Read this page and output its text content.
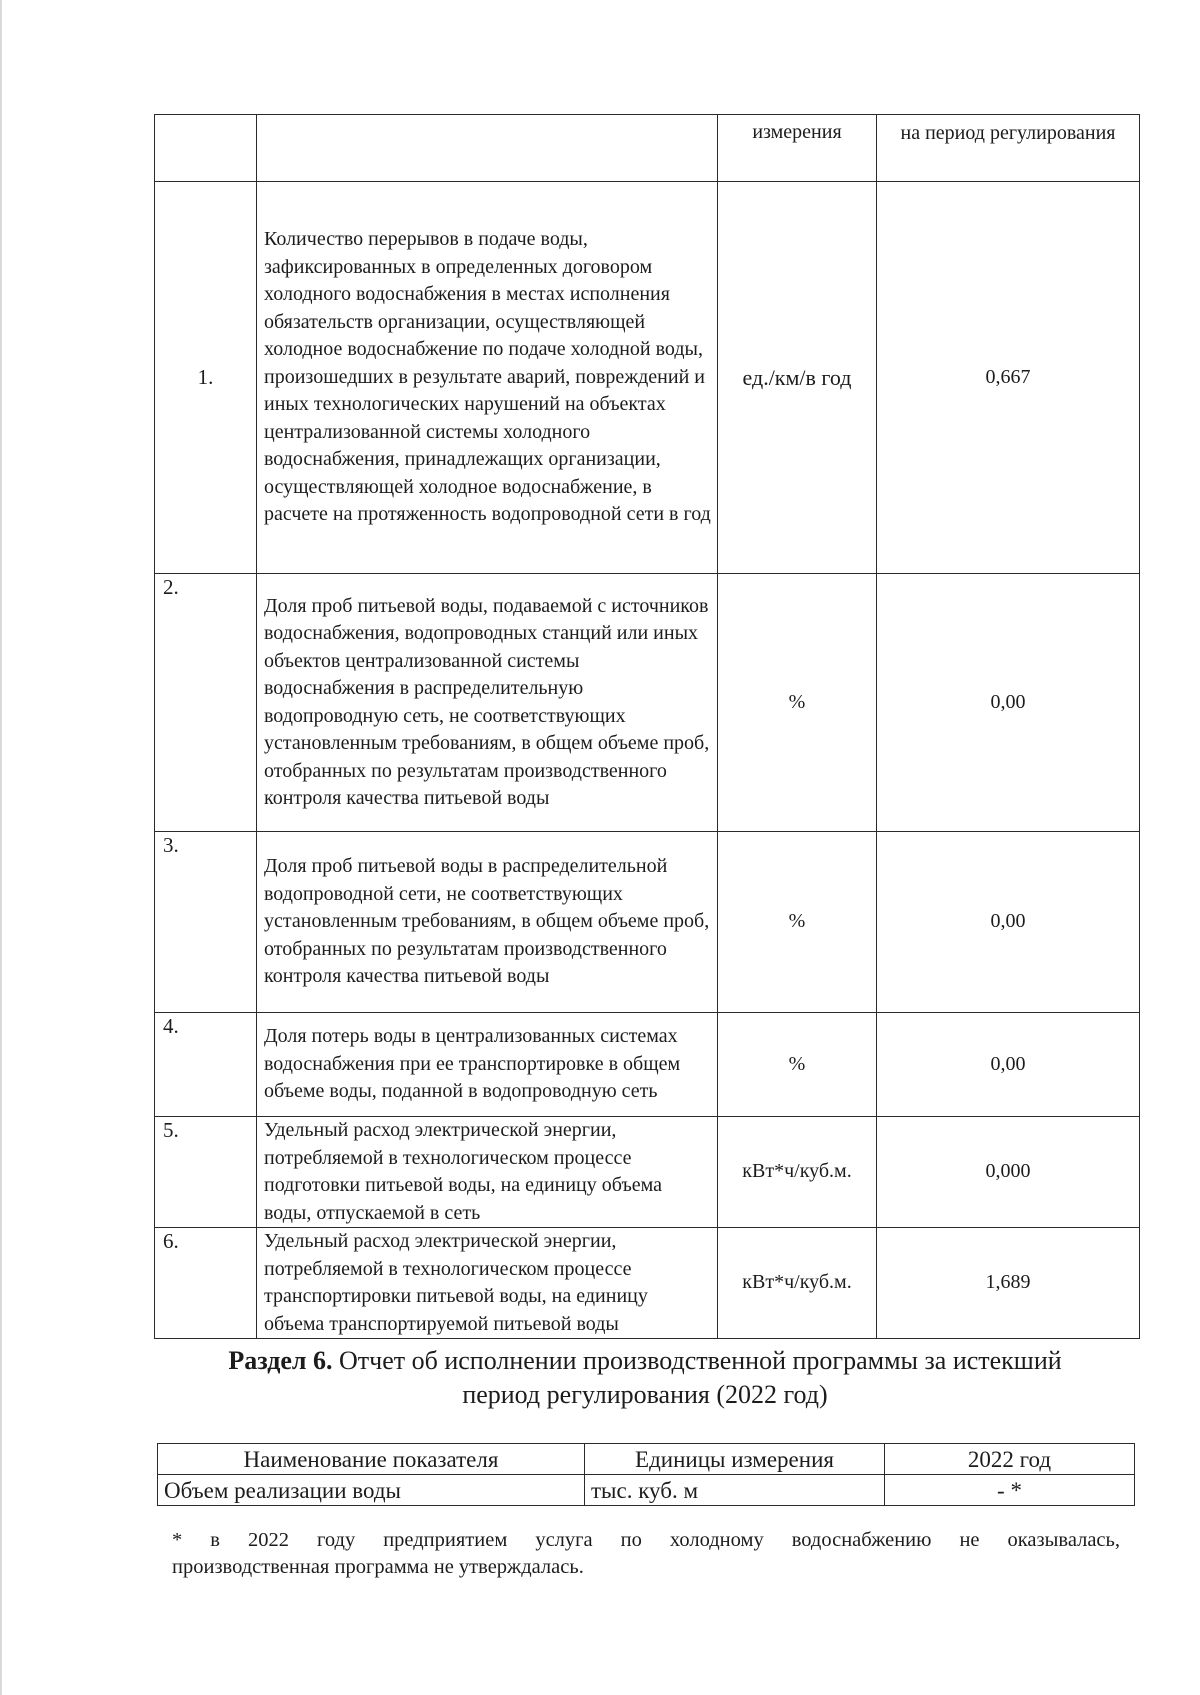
		измерения	на период регулирования
1.	Количество перерывов в подаче воды, зафиксированных в определенных договором холодного водоснабжения в местах исполнения обязательств организации, осуществляющей холодное водоснабжение по подаче холодной воды, произошедших в результате аварий, повреждений и иных технологических нарушений на объектах централизованной системы холодного водоснабжения, принадлежащих организации, осуществляющей холодное водоснабжение, в расчете на протяженность водопроводной сети в год	ед./км/в год	0,667
2.	Доля проб питьевой воды, подаваемой с источников водоснабжения, водопроводных станций или иных объектов централизованной системы водоснабжения в распределительную водопроводную сеть, не соответствующих установленным требованиям, в общем объеме проб, отобранных по результатам производственного контроля качества питьевой воды	%	0,00
3.	Доля проб питьевой воды в распределительной водопроводной сети, не соответствующих установленным требованиям, в общем объеме проб, отобранных по результатам производственного контроля качества питьевой воды	%	0,00
4.	Доля потерь воды в централизованных системах водоснабжения при ее транспортировке в общем объеме воды, поданной в водопроводную сеть	%	0,00
5.	Удельный расход электрической энергии, потребляемой в технологическом процессе подготовки питьевой воды, на единицу объема воды, отпускаемой в сеть	кВт*ч/куб.м.	0,000
6.	Удельный расход электрической энергии, потребляемой в технологическом процессе транспортировки питьевой воды, на единицу объема транспортируемой питьевой воды	кВт*ч/куб.м.	1,689
Раздел 6. Отчет об исполнении производственной программы за истекший
период регулирования (2022 год)
Наименование показателя	Единицы измерения	2022 год
Объем реализации воды	тыс. куб. м	- *
* в 2022 году предприятием услуга по холодному водоснабжению не оказывалась,
производственная программа не утверждалась.
